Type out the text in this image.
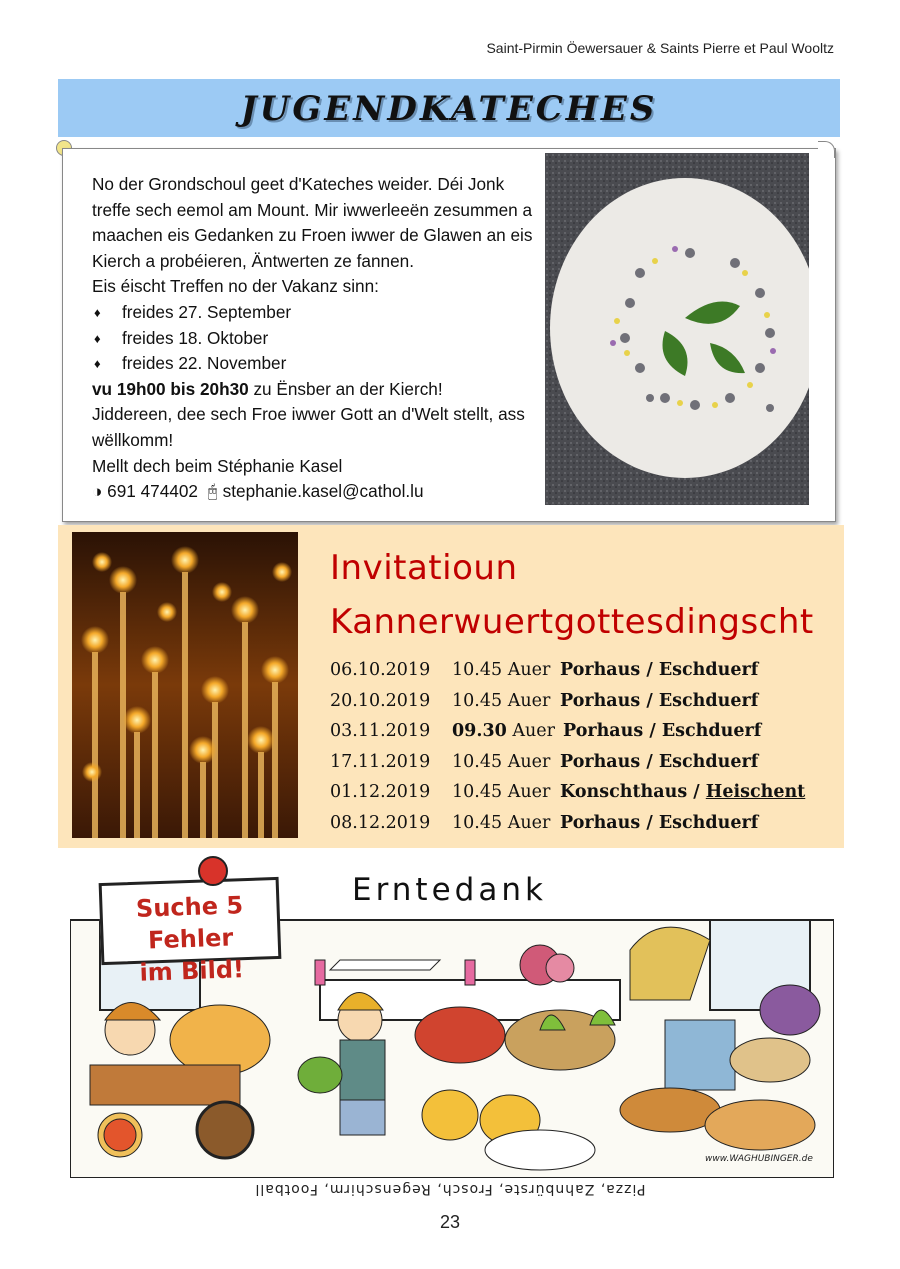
Saint-Pirmin Öewersauer & Saints Pierre et Paul Wooltz
JUGENDKATECHES

No der Grondschoul geet d'Kateches weider. Déi Jonk treffe sech eemol am Mount. Mir iwwerleeën zesummen a maachen eis Gedanken zu Froen iwwer de Glawen an eis Kierch a probéieren, Äntwerten ze fannen.

Eis éischt Treffen no der Vakanz sinn:

♦ freides 27. September
♦ freides 18. Oktober
♦ freides 22. November

vu 19h00 bis 20h30 zu Ënsber an der Kierch!

Jiddereen, dee sech Froe iwwer Gott an d'Welt stellt, ass wëllkomm!

Mellt dech beim Stéphanie Kasel

◑ 691 474402 🖰 stephanie.kasel@cathol.lu

Invitatioun
Kannerwuertgottesdingscht
06.10.2019 10.45 Auer Porhaus / Eschduerf
20.10.2019 10.45 Auer Porhaus / Eschduerf
03.11.2019 09.30 Auer Porhaus / Eschduerf
17.11.2019 10.45 Auer Porhaus / Eschduerf
01.12.2019 10.45 Auer Konschthaus / Heischent
08.12.2019 10.45 Auer Porhaus / Eschduerf
Erntedank
Suche 5 Fehler
im Bild!
www.WAGHUBINGER.de
Pizza, Zahnbürste, Frosch, Regenschirm, Football
23
